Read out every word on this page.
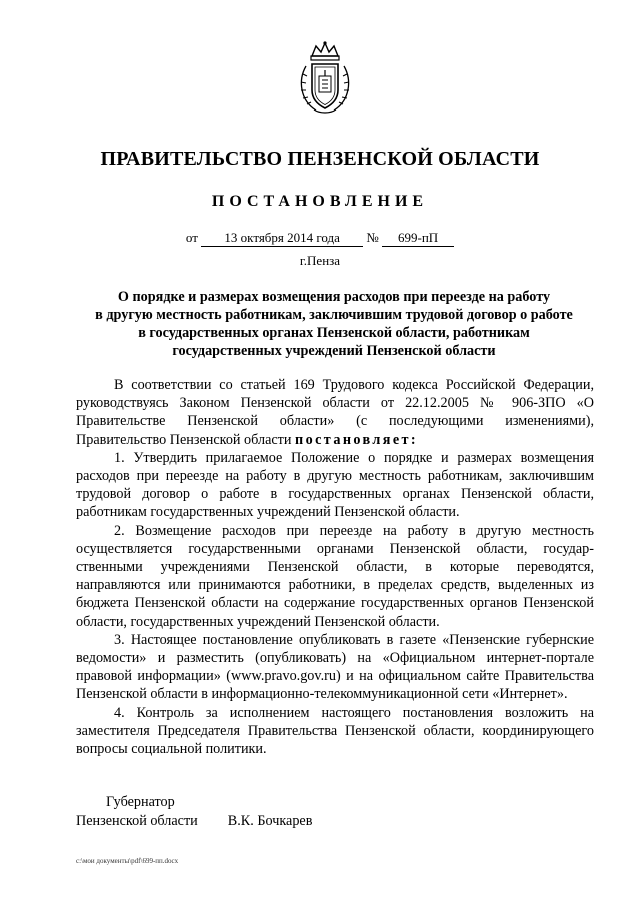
ПРАВИТЕЛЬСТВО ПЕНЗЕНСКОЙ ОБЛАСТИ
ПОСТАНОВЛЕНИЕ
от 13 октября 2014 года № 699-пП
г.Пенза
О порядке и размерах возмещения расходов при переезде на работу
в другую местность работникам, заключившим трудовой договор о работе
в государственных органах Пензенской области, работникам
государственных учреждений Пензенской области

В соответствии со статьей 169 Трудового кодекса Российской Федерации, руководствуясь Законом Пензенской области от 22.12.2005 № 906-ЗПО «О Правительстве Пензенской области» (с последующими изменениями), Правительство Пензенской области постановляет:

1. Утвердить прилагаемое Положение о порядке и размерах возмещения расходов при переезде на работу в другую местность работникам, заключившим трудовой договор о работе в государственных органах Пензенской области, работникам государственных учреждений Пензенской области.

2. Возмещение расходов при переезде на работу в другую местность осуществляется государственными органами Пензенской области, государ-ственными учреждениями Пензенской области, в которые переводятся, направляются или принимаются работники, в пределах средств, выделенных из бюджета Пензенской области на содержание государственных органов Пензенской области, государственных учреждений Пензенской области.

3. Настоящее постановление опубликовать в газете «Пензенские губернские ведомости» и разместить (опубликовать) на «Официальном интернет-портале правовой информации» (www.pravo.gov.ru) и на официальном сайте Правительства Пензенской области в информационно-телекоммуникационной сети «Интернет».

4. Контроль за исполнением настоящего постановления возложить на заместителя Председателя Правительства Пензенской области, координирующего вопросы социальной политики.

Губернатор
Пензенской области В.К. Бочкарев
c:\мои документы\pdf\699-пп.docx
